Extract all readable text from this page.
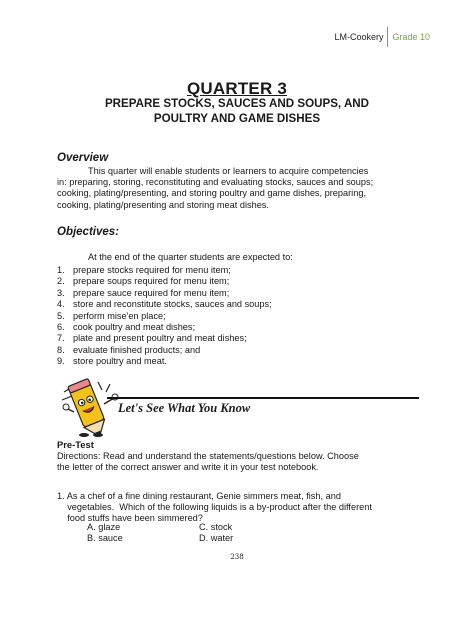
LM-Cookery	Grade 10
QUARTER 3
PREPARE STOCKS, SAUCES AND SOUPS, AND
POULTRY AND GAME DISHES
Overview
This quarter will enable students or learners to acquire competencies
in: preparing, storing, reconstituting and evaluating stocks, sauces and soups;
cooking, plating/presenting, and storing poultry and game dishes, preparing,
cooking, plating/presenting and storing meat dishes.
Objectives:
At the end of the quarter students are expected to:
1. prepare stocks required for menu item;
2. prepare soups required for menu item;
3. prepare sauce required for menu item;
4. store and reconstitute stocks, sauces and soups;
5. perform mise'en place;
6. cook poultry and meat dishes;
7. plate and present poultry and meat dishes;
8. evaluate finished products; and
9. store poultry and meat.
Let's See What You Know
Pre-Test
Directions: Read and understand the statements/questions below. Choose
the letter of the correct answer and write it in your test notebook.
1. As a chef of a fine dining restaurant, Genie simmers meat, fish, and
vegetables.  Which of the following liquids is a by-product after the different
food stuffs have been simmered?
A. glaze	C. stock
B. sauce	D. water
238
